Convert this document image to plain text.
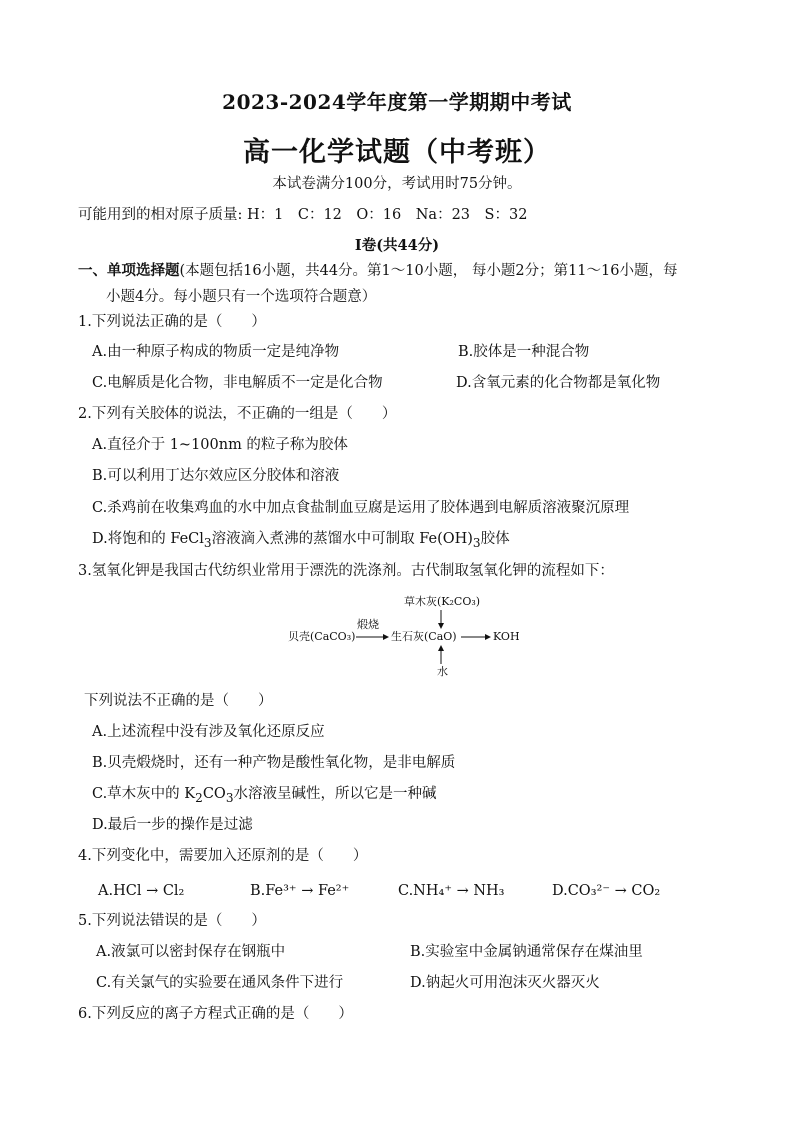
2023-2024学年度第一学期期中考试
高一化学试题（中考班）
本试卷满分100分，考试用时75分钟。
可能用到的相对原子质量: H：1　C：12　O：16　Na：23　S：32
Ⅰ卷(共44分)
一、单项选择题(本题包括16小题，共44分。第1～10小题， 每小题2分；第11～16小题，每
小题4分。每小题只有一个选项符合题意）
1.下列说法正确的是（　　）
A.由一种原子构成的物质一定是纯净物	B.胶体是一种混合物
C.电解质是化合物，非电解质不一定是化合物	D.含氧元素的化合物都是氧化物
2.下列有关胶体的说法，不正确的一组是（　　）
A.直径介于 1~100nm 的粒子称为胶体
B.可以利用丁达尔效应区分胶体和溶液
C.杀鸡前在收集鸡血的水中加点食盐制血豆腐是运用了胶体遇到电解质溶液聚沉原理
D.将饱和的 FeCl$_3$溶液滴入煮沸的蒸馏水中可制取 $Fe(OH)_3$胶体
3.氢氧化钾是我国古代纺织业常用于漂洗的洗涤剂。古代制取氢氧化钾的流程如下：
草木灰(K₂CO₃)
贝壳(CaCO₃)
煅烧
生石灰(CaO)	KOH
水
下列说法不正确的是（　　）
A.上述流程中没有涉及氧化还原反应
B.贝壳煅烧时，还有一种产物是酸性氧化物，是非电解质
C.草木灰中的 $K_2CO_3$水溶液呈碱性，所以它是一种碱
D.最后一步的操作是过滤
4.下列变化中，需要加入还原剂的是（　　）
A.HCl → Cl₂	B.Fe³⁺ → Fe²⁺	C.NH₄⁺ → NH₃	D.CO₃²⁻ → CO₂
5.下列说法错误的是（　　）
A.液氯可以密封保存在钢瓶中	B.实验室中金属钠通常保存在煤油里
C.有关氯气的实验要在通风条件下进行	D.钠起火可用泡沫灭火器灭火
6.下列反应的离子方程式正确的是（　　）
